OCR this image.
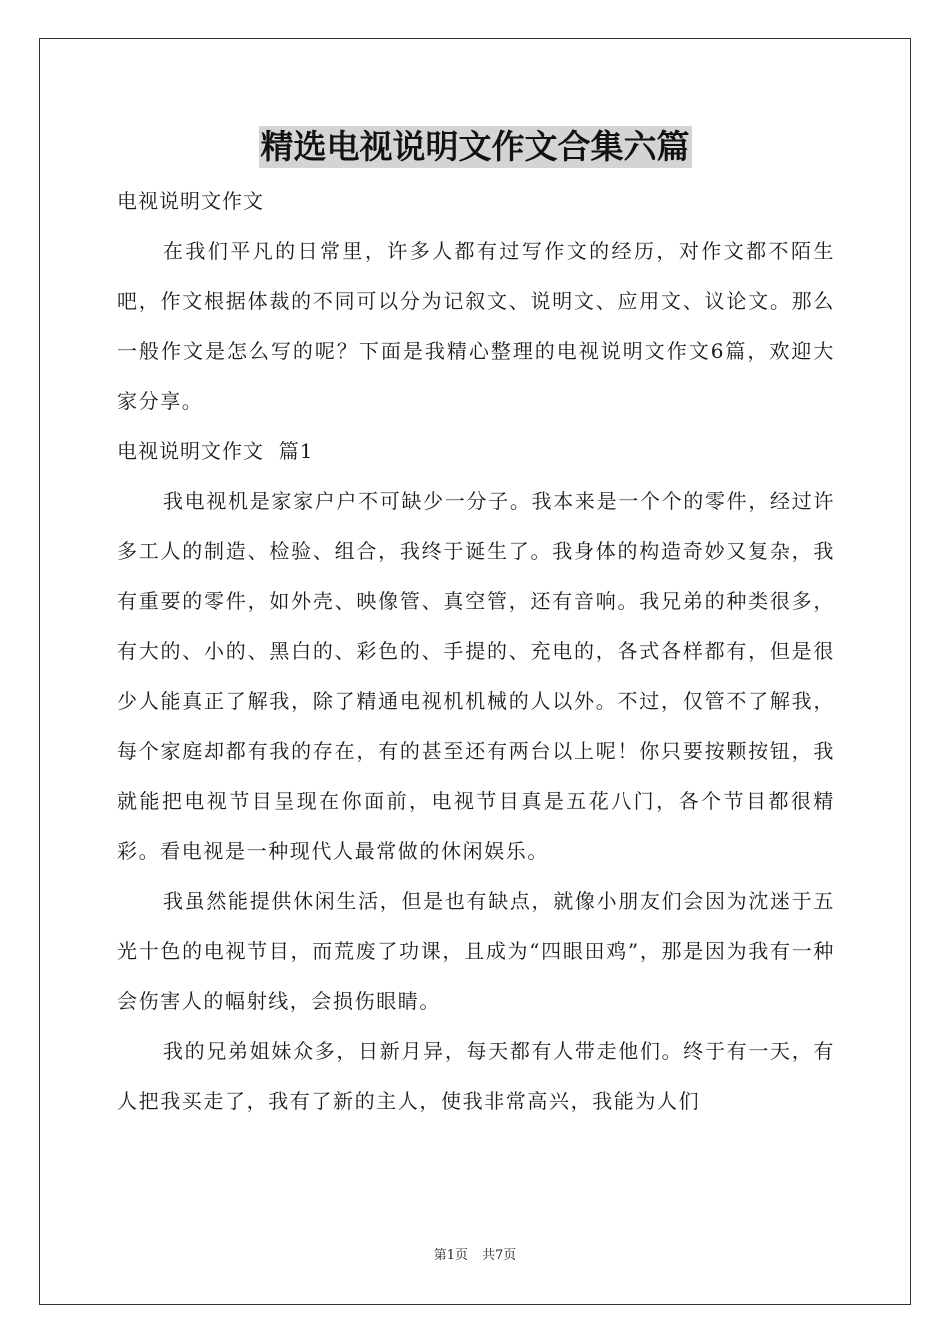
精选电视说明文作文合集六篇

电视说明文作文

在我们平凡的日常里，许多人都有过写作文的经历，对作文都不陌生吧，作文根据体裁的不同可以分为记叙文、说明文、应用文、议论文。那么一般作文是怎么写的呢？下面是我精心整理的电视说明文作文6篇，欢迎大家分享。

电视说明文作文  篇1

我电视机是家家户户不可缺少一分子。我本来是一个个的零件，经过许多工人的制造、检验、组合，我终于诞生了。我身体的构造奇妙又复杂，我有重要的零件，如外壳、映像管、真空管，还有音响。我兄弟的种类很多，有大的、小的、黑白的、彩色的、手提的、充电的，各式各样都有，但是很少人能真正了解我，除了精通电视机机械的人以外。不过，仅管不了解我，每个家庭却都有我的存在，有的甚至还有两台以上呢！你只要按颗按钮，我就能把电视节目呈现在你面前，电视节目真是五花八门，各个节目都很精彩。看电视是一种现代人最常做的休闲娱乐。

我虽然能提供休闲生活，但是也有缺点，就像小朋友们会因为沈迷于五光十色的电视节目，而荒废了功课，且成为“四眼田鸡”，那是因为我有一种会伤害人的幅射线，会损伤眼睛。

我的兄弟姐妹众多，日新月异，每天都有人带走他们。终于有一天，有人把我买走了，我有了新的主人，使我非常高兴，我能为人们

第1页 共7页
